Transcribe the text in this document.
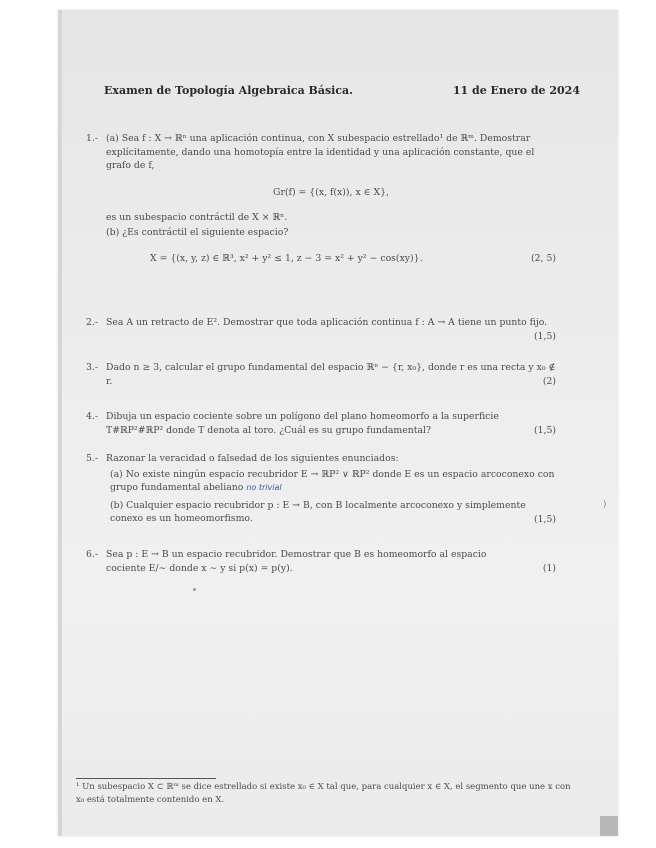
Examen de Topología Algebraica Básica.	11 de Enero de 2024
1.- (a) Sea f : X → ℝⁿ una aplicación continua, con X subespacio estrellado¹ de ℝᵐ. Demostrar explícitamente, dando una homotopía entre la identidad y una aplicación constante, que el grafo de f,
Gr(f) = {(x, f(x)), x ∈ X},
es un subespacio contráctil de X × ℝⁿ.
(b) ¿Es contráctil el siguiente espacio?
X = {(x, y, z) ∈ ℝ³, x² + y² ≤ 1, z − 3 = x² + y² − cos(xy)}.	(2, 5)
2.- Sea A un retracto de E². Demostrar que toda aplicación continua f : A → A tiene un punto fijo.
(1,5)
3.- Dado n ≥ 3, calcular el grupo fundamental del espacio ℝⁿ − {r, x₀}, donde r es una recta y x₀ ∉ r.	(2)
4.- Dibuja un espacio cociente sobre un polígono del plano homeomorfo a la superficie T#ℝP²#ℝP² donde T denota al toro. ¿Cuál es su grupo fundamental?	(1,5)
5.- Razonar la veracidad o falsedad de los siguientes enunciados:
(a) No existe ningún espacio recubridor E → ℝP² ∨ ℝP² donde E es un espacio arcoconexo con grupo fundamental abeliano no trivial
(b) Cualquier espacio recubridor p : E → B, con B localmente arcoconexo y simplemente conexo es un homeomorfismo.	(1,5)
6.- Sea p : E → B un espacio recubridor. Demostrar que B es homeomorfo al espacio cociente E/∼ donde x ∼ y si p(x) = p(y).	(1)
¹ Un subespacio X ⊂ ℝᵐ se dice estrellado si existe x₀ ∈ X tal que, para cualquier x ∈ X, el segmento que une x con x₀ está totalmente contenido en X.
)
